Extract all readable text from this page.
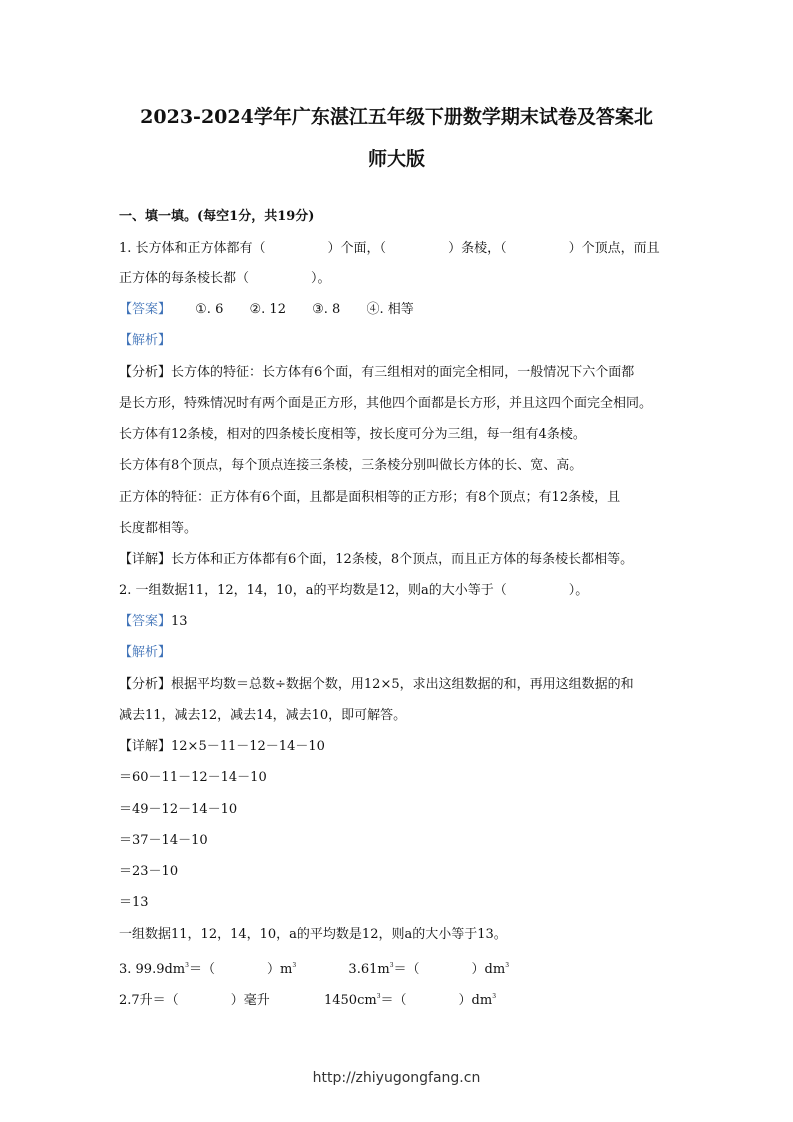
2023-2024学年广东湛江五年级下册数学期末试卷及答案北
师大版
一、填一填。(每空1分，共19分)
1. 长方体和正方体都有（	）个面，（	）条棱，（	）个顶点，而且
正方体的每条棱长都（	）。
【答案】 ①. 6 ②. 12 ③. 8 ④. 相等
【解析】
【分析】长方体的特征：长方体有6个面，有三组相对的面完全相同，一般情况下六个面都
是长方形，特殊情况时有两个面是正方形，其他四个面都是长方形，并且这四个面完全相同。
长方体有12条棱，相对的四条棱长度相等，按长度可分为三组，每一组有4条棱。
长方体有8个顶点，每个顶点连接三条棱，三条棱分别叫做长方体的长、宽、高。
正方体的特征：正方体有6个面，且都是面积相等的正方形；有8个顶点；有12条棱，且
长度都相等。
【详解】长方体和正方体都有6个面，12条棱，8个顶点，而且正方体的每条棱长都相等。
2. 一组数据11，12，14，10，a的平均数是12，则a的大小等于（	）。
【答案】13
【解析】
【分析】根据平均数＝总数÷数据个数，用12×5，求出这组数据的和，再用这组数据的和
减去11，减去12，减去14，减去10，即可解答。
【详解】12×5－11－12－14－10
＝60－11－12－14－10
＝49－12－14－10
＝37－14－10
＝23－10
＝13
一组数据11，12，14，10，a的平均数是12，则a的大小等于13。
3. $99.9dm^3=$（	）$m^3$	$3.61m^3=$（	）$dm^3$
2.7升＝（	）毫升	$1450cm^3=$（	）$dm^3$
http://zhiyugongfang.cn
